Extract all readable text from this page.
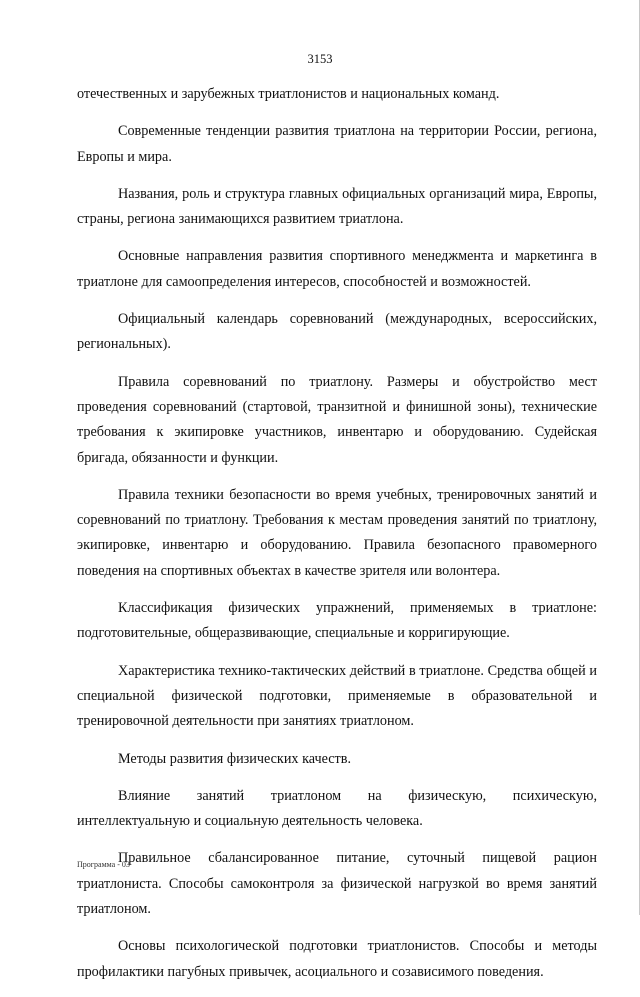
3153

отечественных и зарубежных триатлонистов и национальных команд.

Современные тенденции развития триатлона на территории России, региона, Европы и мира.

Названия, роль и структура главных официальных организаций мира, Европы, страны, региона занимающихся развитием триатлона.

Основные направления развития спортивного менеджмента и маркетинга в триатлоне для самоопределения интересов, способностей и возможностей.

Официальный календарь соревнований (международных, всероссийских, региональных).

Правила соревнований по триатлону. Размеры и обустройство мест проведения соревнований (стартовой, транзитной и финишной зоны), технические требования к экипировке участников, инвентарю и оборудованию. Судейская бригада, обязанности и функции.

Правила техники безопасности во время учебных, тренировочных занятий и соревнований по триатлону. Требования к местам проведения занятий по триатлону, экипировке, инвентарю и оборудованию. Правила безопасного правомерного поведения на спортивных объектах в качестве зрителя или волонтера.

Классификация физических упражнений, применяемых в триатлоне: подготовительные, общеразвивающие, специальные и корригирующие.

Характеристика технико-тактических действий в триатлоне. Средства общей и специальной физической подготовки, применяемые в образовательной и тренировочной деятельности при занятиях триатлоном.

Методы развития физических качеств.

Влияние занятий триатлоном на физическую, психическую, интеллектуальную и социальную деятельность человека.

Правильное сбалансированное питание, суточный пищевой рацион триатлониста. Способы самоконтроля за физической нагрузкой во время занятий триатлоном.

Основы психологической подготовки триатлонистов. Способы и методы профилактики пагубных привычек, асоциального и созависимого поведения.

Программа - 03
